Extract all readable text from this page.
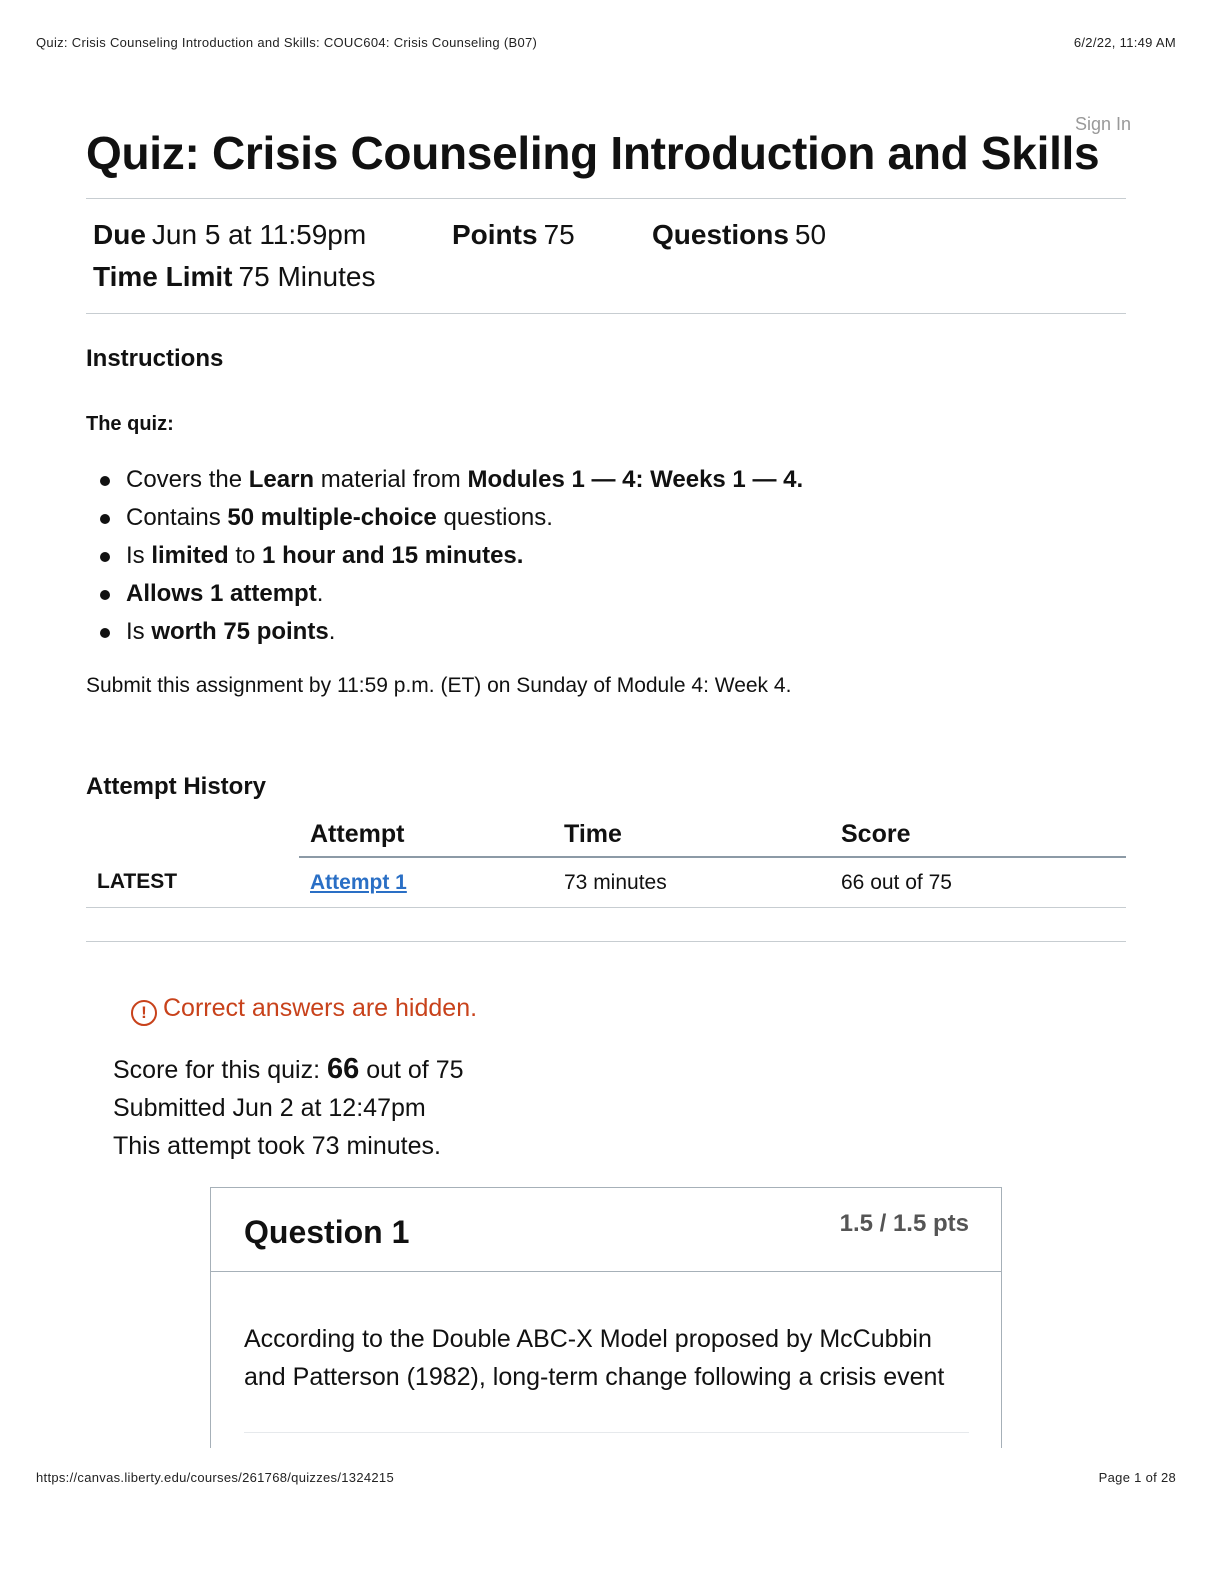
Quiz: Crisis Counseling Introduction and Skills: COUC604: Crisis Counseling (B07)	6/2/22, 11:49 AM
Sign In
Quiz: Crisis Counseling Introduction and Skills
Due Jun 5 at 11:59pm	Points 75	Questions 50
Time Limit 75 Minutes
Instructions
The quiz:
Covers the Learn material from Modules 1 — 4: Weeks 1 — 4.
Contains 50 multiple-choice questions.
Is limited to 1 hour and 15 minutes.
Allows 1 attempt.
Is worth 75 points.

Submit this assignment by 11:59 p.m. (ET) on Sunday of Module 4: Week 4.

Attempt History
	Attempt	Time	Score
LATEST	Attempt 1	73 minutes	66 out of 75
! Correct answers are hidden.
Score for this quiz: 66 out of 75
Submitted Jun 2 at 12:47pm
This attempt took 73 minutes.
Question 1	1.5 / 1.5 pts
According to the Double ABC-X Model proposed by McCubbin and Patterson (1982), long-term change following a crisis event
https://canvas.liberty.edu/courses/261768/quizzes/1324215	Page 1 of 28
